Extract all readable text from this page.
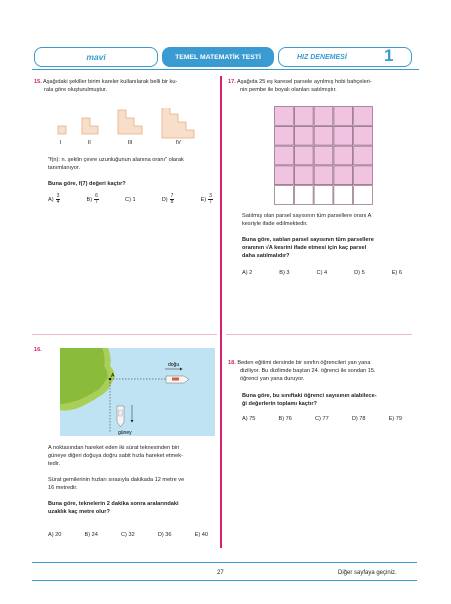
mavi	TEMEL MATEMATİK TESTİ	HIZ DENEMESİ	1
15. Aşağıdaki şekiller birim kareler kullanılarak belli bir ku-
rala göre oluşturulmuştur.
I	II	III	IV
"f(n): n. şeklin çevre uzunluğunun alanına oranı" olarak
tanımlanıyor.
Buna göre, f(7) değeri kaçtır?
$A) \frac{3}{4}$	$B) \frac{6}{7}$	C) 1	$D) \frac{7}{8}$	$E) \frac{3}{7}$
16.
A
doğu
güney
A noktasından hareket eden iki sürat teknesinden biri
güneye diğeri doğuya doğru sabit hızla hareket etmek-
tedir.
Sürat gemilerinin hızları sırasıyla dakikada 12 metre ve
16 metredir.
Buna göre, teknelerin 2 dakika sonra aralarındaki
uzaklık kaç metre olur?
A) 20	B) 24	C) 32	D) 36	E) 40
17. Aşağıda 25 eş karesel parsele ayrılmış hobi bahçeleri-
nin pembe ile boyalı olanları satılmıştır.
Satılmış olan parsel sayısının tüm parsellere oranı A
kesriyle ifade edilmektedir.
Buna göre, satılan parsel sayısının tüm parsellere
oranının √A kesrini ifade etmesi için kaç parsel
daha satılmalıdır?
A) 2	B) 3	C) 4	D) 5	E) 6
18. Beden eğitimi dersinde bir sınıfın öğrencileri yan yana
diziliyor. Bu dizilimde baştan 24. öğrenci ile sondan 15.
öğrenci yan yana duruyor.
Buna göre, bu sınıftaki öğrenci sayısının alabilece-
ği değerlerin toplamı kaçtır?
A) 75	B) 76	C) 77	D) 78	E) 79
27	Diğer sayfaya geçiniz.
